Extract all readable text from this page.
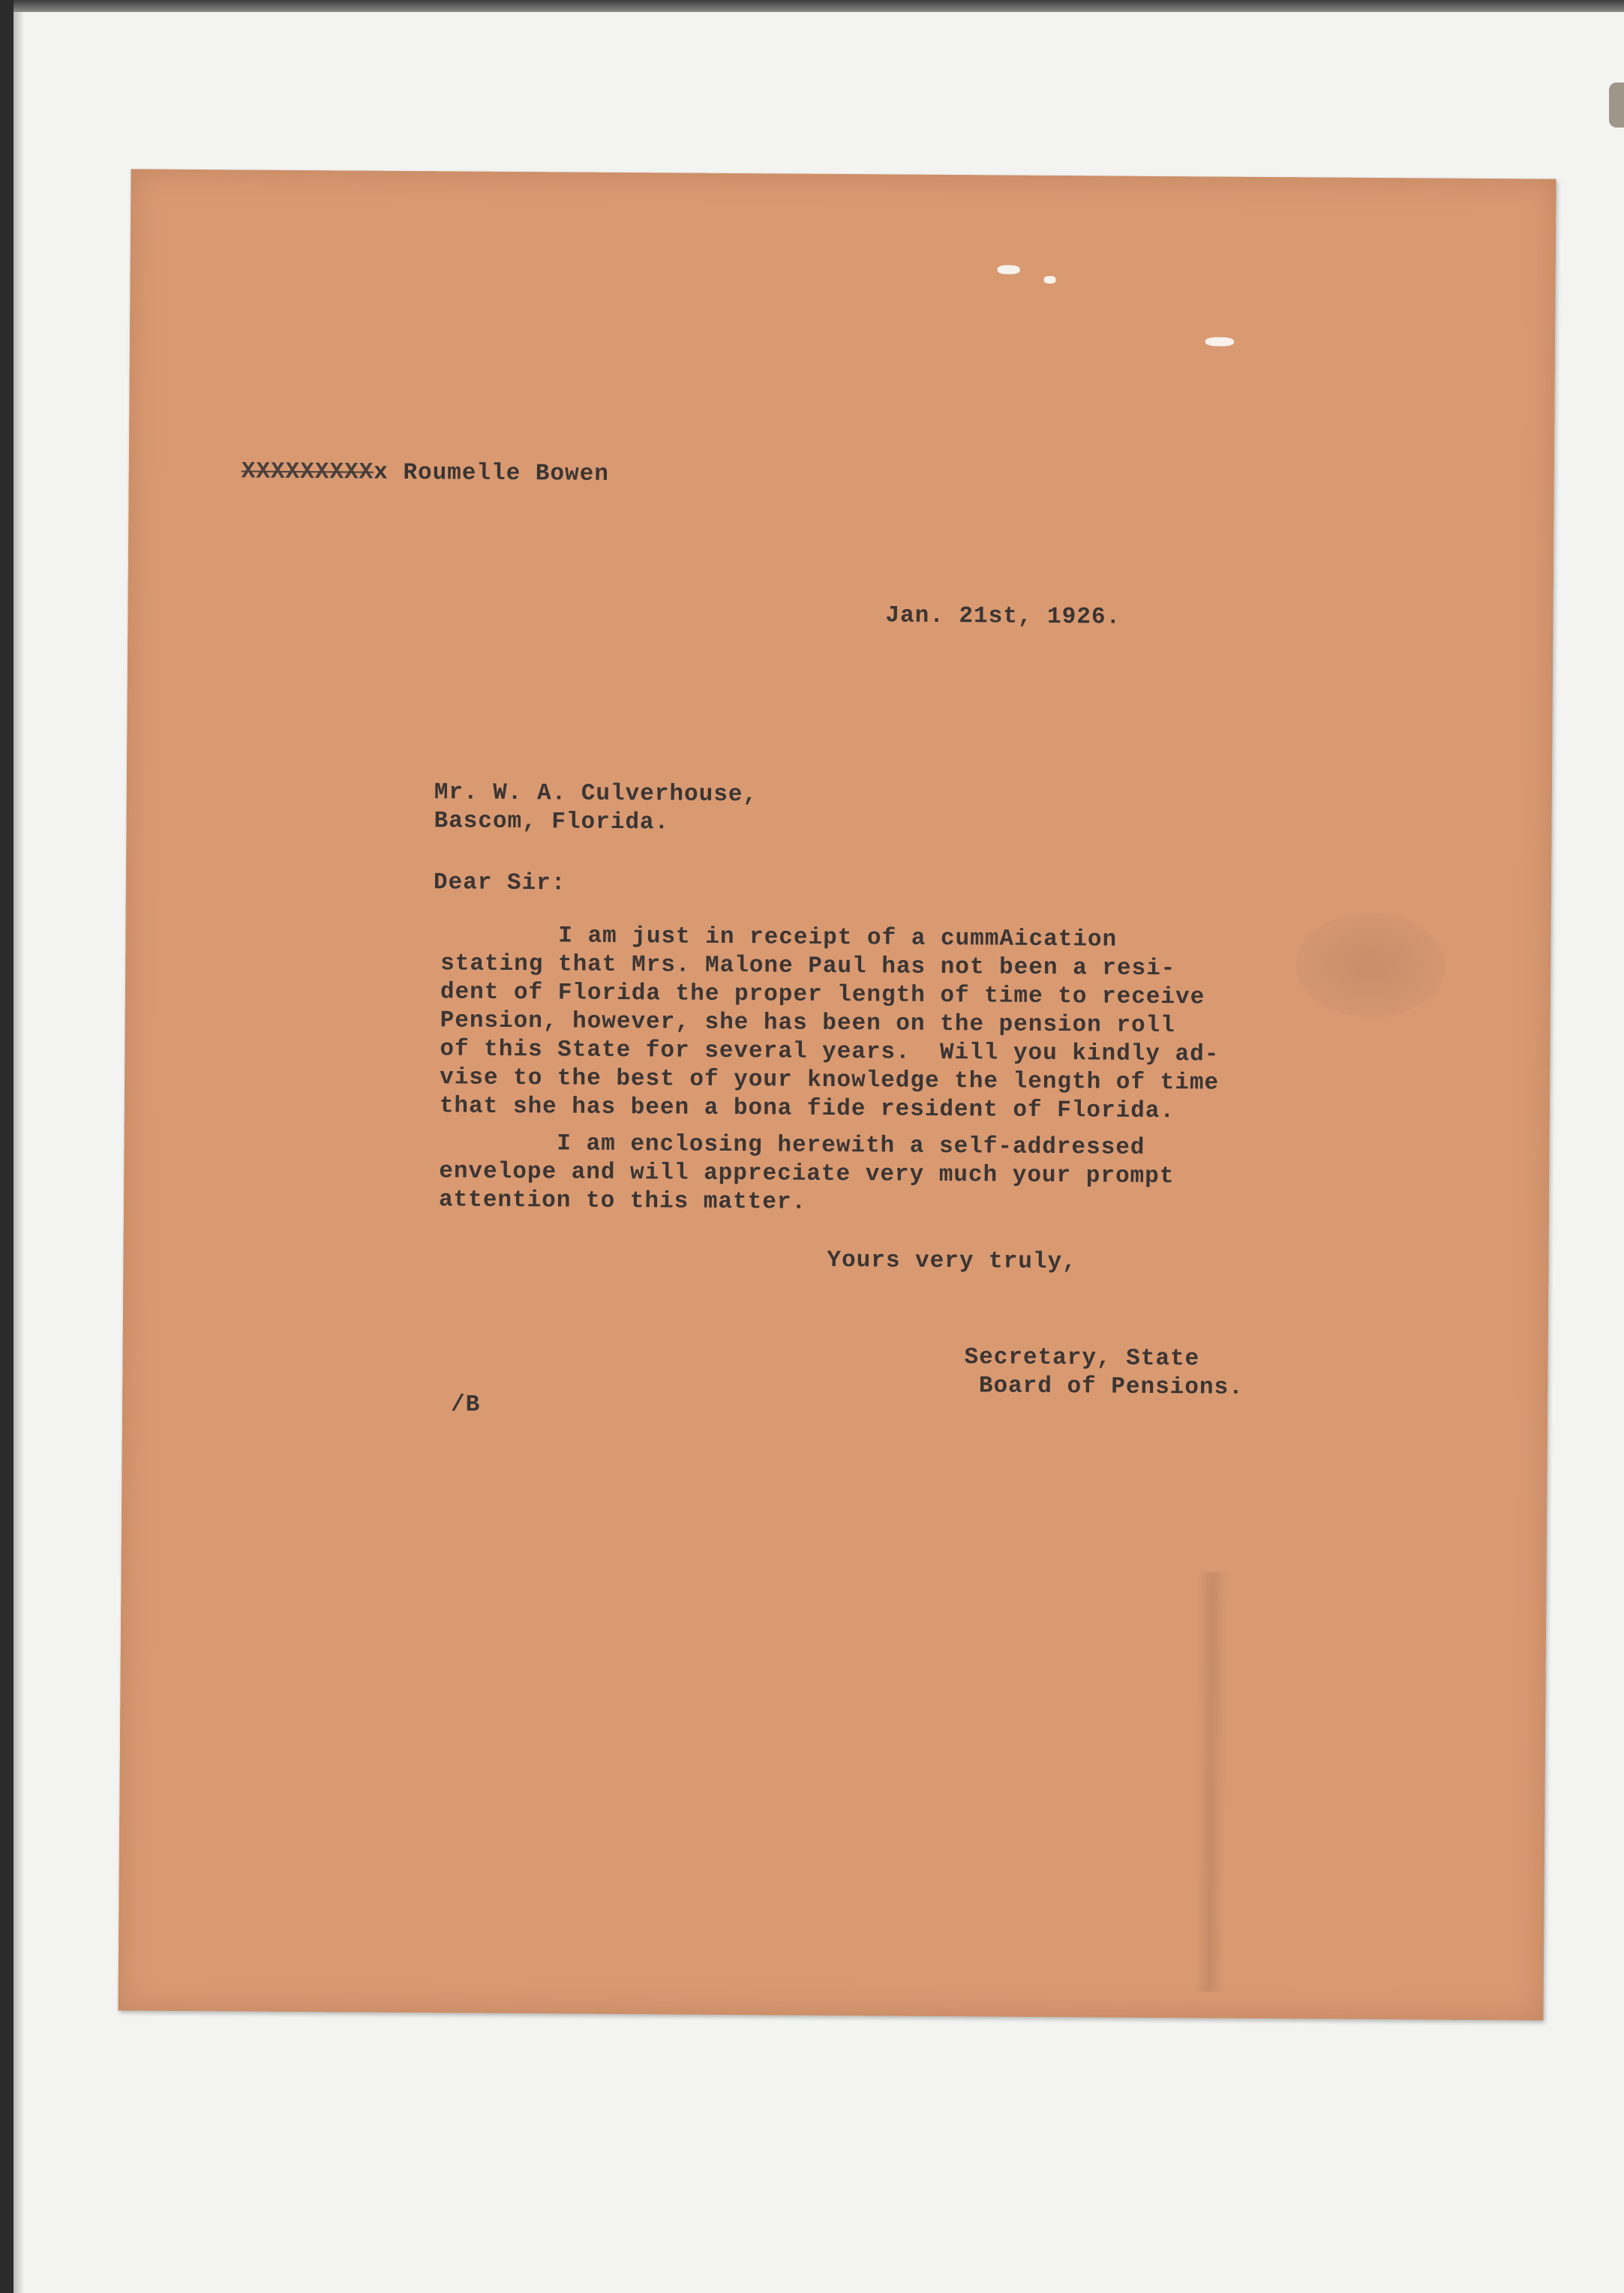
XXXXXXXXXx Roumelle Bowen
Jan. 21st, 1926.
Mr. W. A. Culverhouse,
Bascom, Florida.
Dear Sir:
I am just in receipt of a cummAication
stating that Mrs. Malone Paul has not been a resi-
dent of Florida the proper length of time to receive
Pension, however, she has been on the pension roll
of this State for several years.  Will you kindly ad-
vise to the best of your knowledge the length of time
that she has been a bona fide resident of Florida.
I am enclosing herewith a self-addressed
envelope and will appreciate very much your prompt
attention to this matter.
Yours very truly,
Secretary, State
Board of Pensions.
/B
